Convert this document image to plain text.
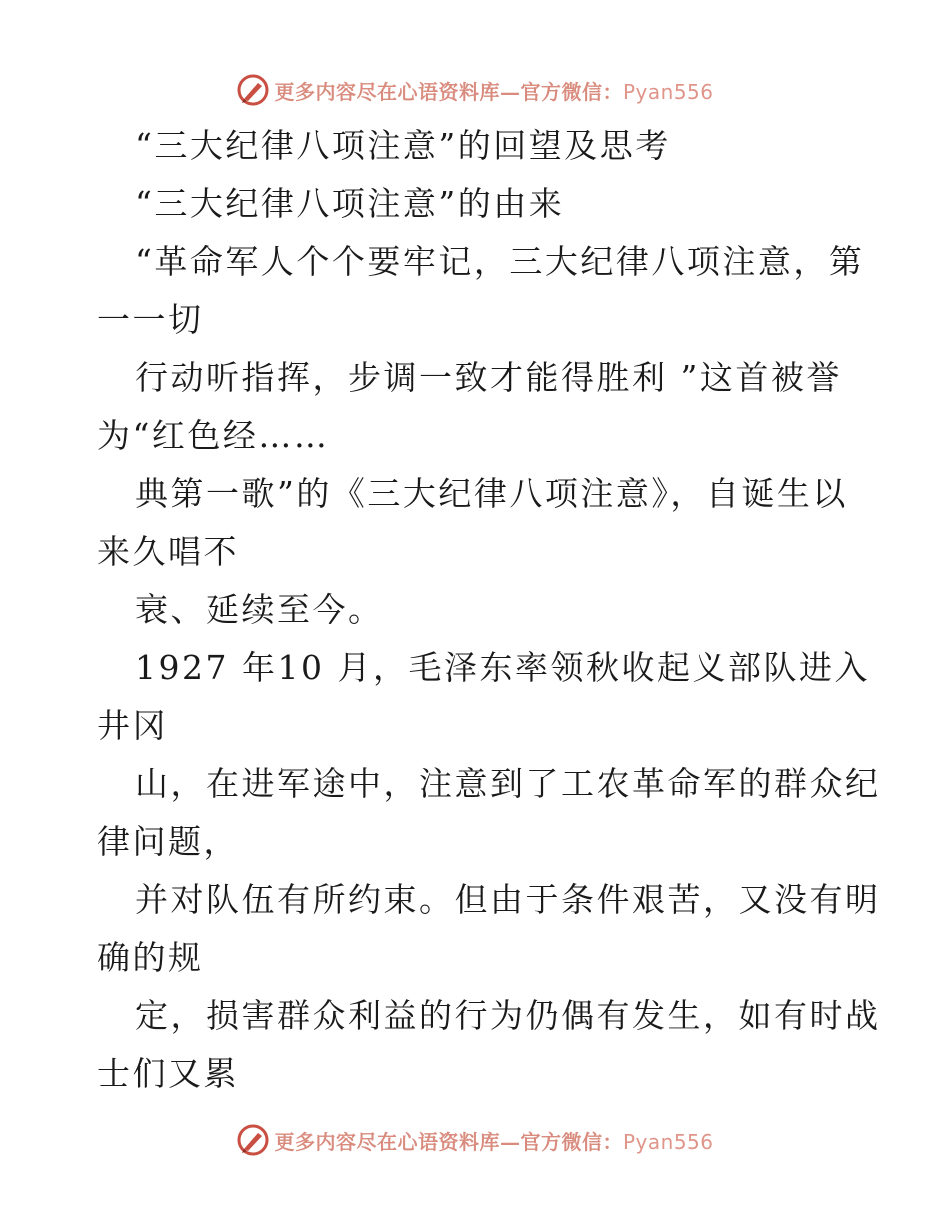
更多内容尽在心语资料库—官方微信：Pyan556
“三大纪律八项注意”的回望及思考
“三大纪律八项注意”的由来
“革命军人个个要牢记，三大纪律八项注意，第
一一切
行动听指挥，步调一致才能得胜利 ”这首被誉
为“红色经……
典第一歌”的《三大纪律八项注意》，自诞生以
来久唱不
衰、延续至今。
1927 年10 月，毛泽东率领秋收起义部队进入
井冈
山，在进军途中，注意到了工农革命军的群众纪
律问题，
并对队伍有所约束。但由于条件艰苦，又没有明
确的规
定，损害群众利益的行为仍偶有发生，如有时战
士们又累
更多内容尽在心语资料库—官方微信：Pyan556
